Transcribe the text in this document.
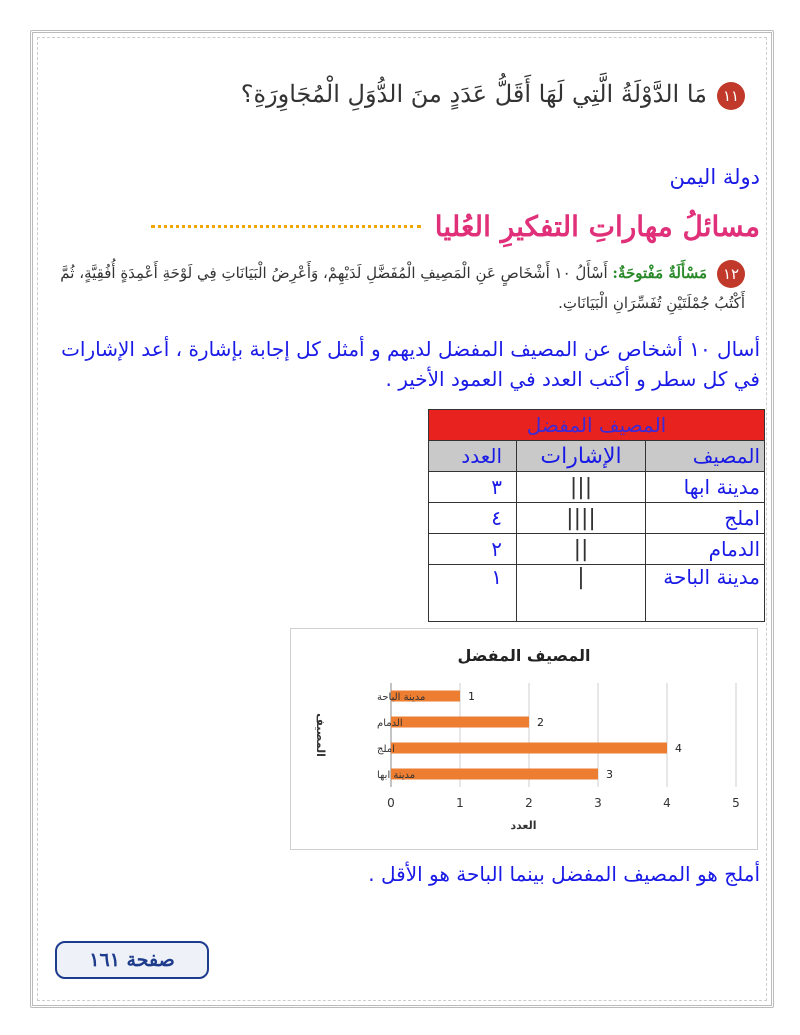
١١مَا الدَّوْلَةُ الَّتِي لَهَا أَقَلُّ عَدَدٍ منَ الدُّوَلِ الْمُجَاوِرَةِ؟
دولة اليمن
مسائلُ مهاراتِ التفكيرِ العُليا
١٢مَسْأَلَةٌ مَفْتوحَةٌ: أَسْأَلُ ١٠ أَشْخَاصٍ عَنِ الْمَصِيفِ الْمُفَضَّلِ لَدَيْهِمْ، وَأَعْرِضُ الْبَيَانَاتِ فِي لَوْحَةِ أَعْمِدَةٍ أُفُقِيَّةٍ، ثُمَّ أَكْتُبُ جُمْلَتَيْنِ تُفَسِّرَانِ الْبَيَانَاتِ.
أسال ١٠ أشخاص عن المصيف المفضل لديهم و أمثل كل إجابة بإشارة ، أعد الإشارات في كل سطر و أكتب العدد في العمود الأخير .
المصيف المفضل		
المصيف	الإشارات	العدد
مدينة ابها	|||	٣
املج	||||	٤
الدمام	||	٢
مدينة الباحة	|	١
المصيف المفضل
0	1	2	3	4	5
3
مدينة ابها
4
املج
2
الدمام
1
مدينة الباحة
العدد
المصيف
أملج هو المصيف المفضل بينما الباحة هو الأقل .
صفحة ١٦١
